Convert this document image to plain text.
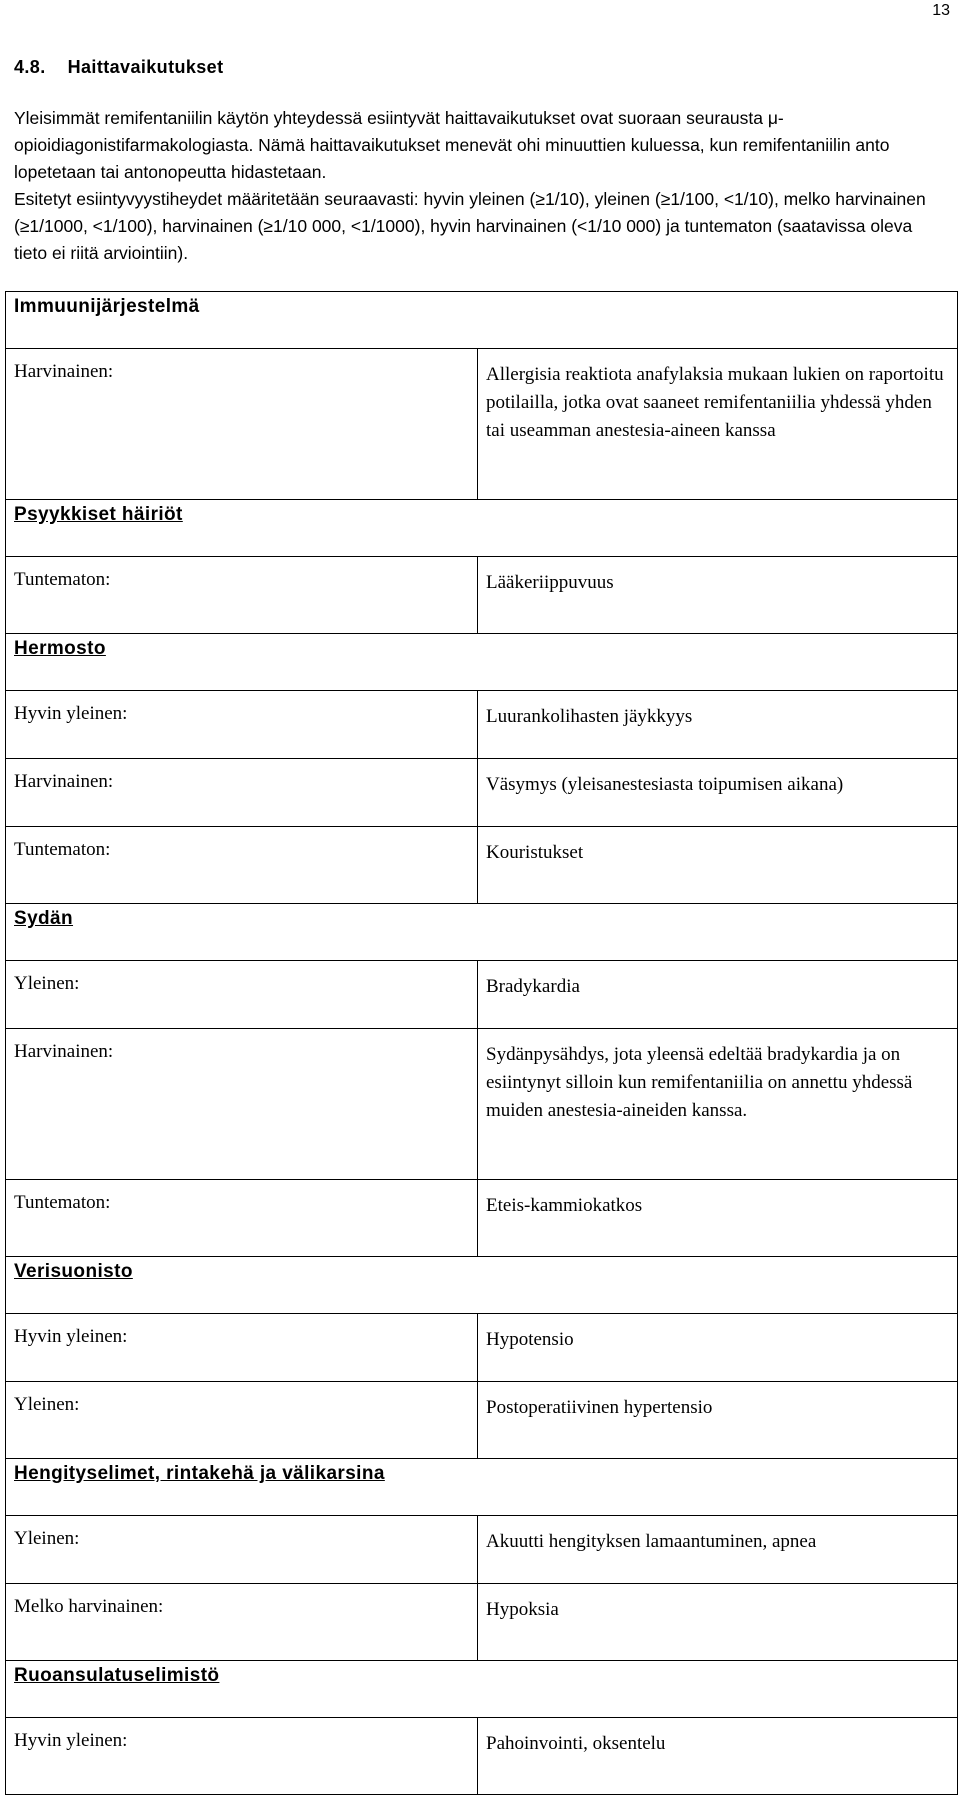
13
4.8. Haittavaikutukset

Yleisimmät remifentaniilin käytön yhteydessä esiintyvät haittavaikutukset ovat suoraan seurausta μ-opioidiagonistifarmakologiasta. Nämä haittavaikutukset menevät ohi minuuttien kuluessa, kun remifentaniilin anto lopetetaan tai antonopeutta hidastetaan.

Esitetyt esiintyvyystiheydet määritetään seuraavasti: hyvin yleinen (≥1/10), yleinen (≥1/100, <1/10), melko harvinainen (≥1/1000, <1/100), harvinainen (≥1/10 000, <1/1000), hyvin harvinainen (<1/10 000) ja tuntematon (saatavissa oleva tieto ei riitä arviointiin).

Immuunijärjestelmä	
Harvinainen:	Allergisia reaktiota anafylaksia mukaan lukien on raportoitu potilailla, jotka ovat saaneet remifentaniilia yhdessä yhden tai useamman anestesia-aineen kanssa
Psyykkiset häiriöt	
Tuntematon:	Lääkeriippuvuus
Hermosto	
Hyvin yleinen:	Luurankolihasten jäykkyys
Harvinainen:	Väsymys (yleisanestesiasta toipumisen aikana)
Tuntematon:	Kouristukset
Sydän	
Yleinen:	Bradykardia
Harvinainen:	Sydänpysähdys, jota yleensä edeltää bradykardia ja on esiintynyt silloin kun remifentaniilia on annettu yhdessä muiden anestesia-aineiden kanssa.
Tuntematon:	Eteis-kammiokatkos
Verisuonisto	
Hyvin yleinen:	Hypotensio
Yleinen:	Postoperatiivinen hypertensio
Hengityselimet, rintakehä ja välikarsina	
Yleinen:	Akuutti hengityksen lamaantuminen, apnea
Melko harvinainen:	Hypoksia
Ruoansulatuselimistö	
Hyvin yleinen:	Pahoinvointi, oksentelu
